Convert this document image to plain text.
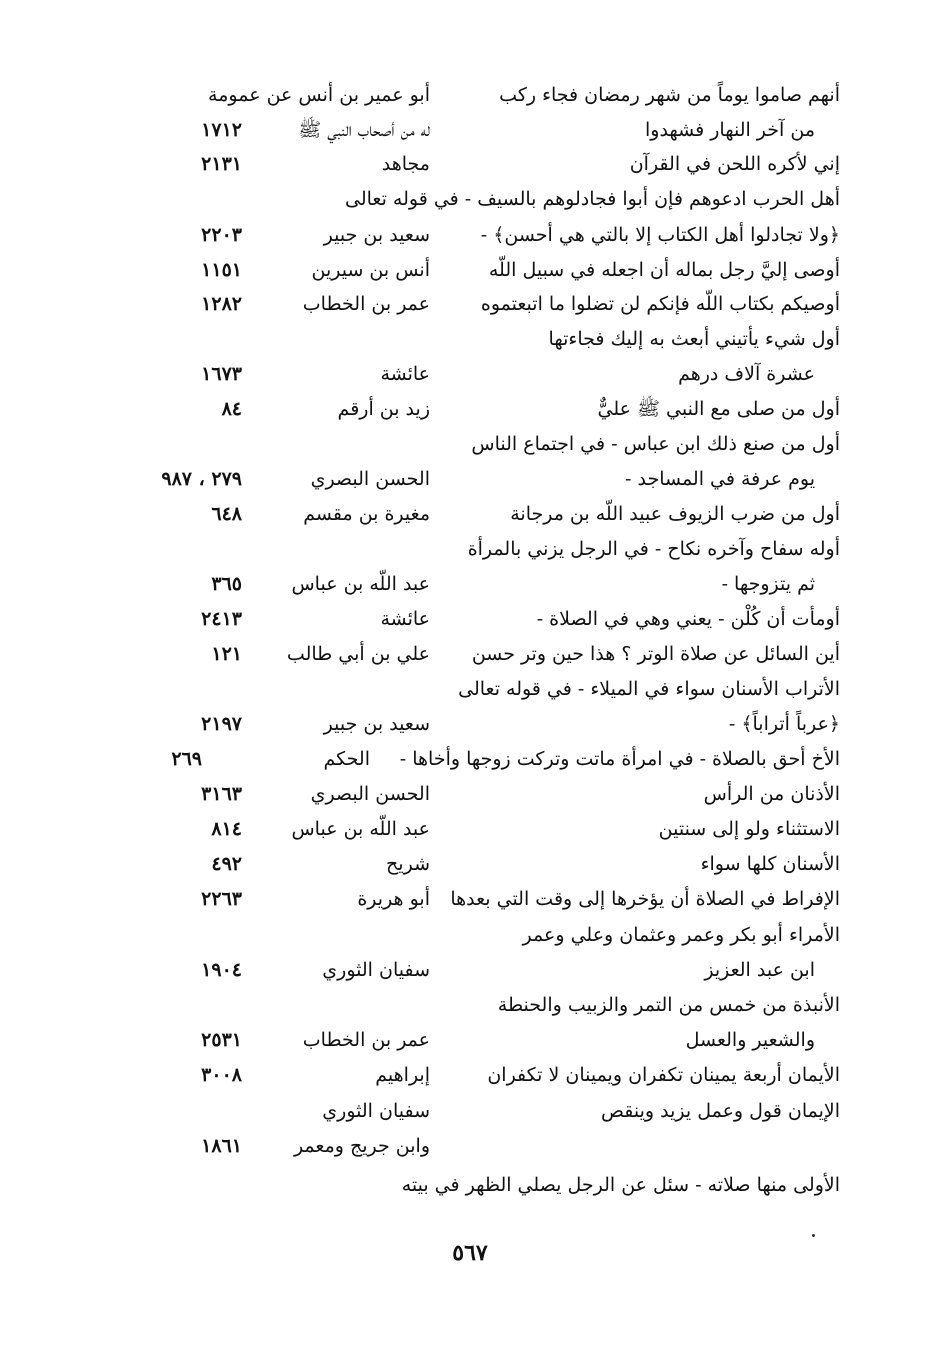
أنهم صاموا يوماً من شهر رمضان فجاء ركب
أبو عمير بن أنس عن عمومة
من آخر النهار فشهدوا
له من أصحاب النبي ﷺ
١٧١٢
إني لأكره اللحن في القرآن
مجاهد
٢١٣١
أهل الحرب ادعوهم فإن أبوا فجادلوهم بالسيف - في قوله تعالى
﴿ولا تجادلوا أهل الكتاب إلا بالتي هي أحسن﴾ -
سعيد بن جبير
٢٢٠٣
أوصى إليَّ رجل بماله أن اجعله في سبيل اللّه
أنس بن سيرين
١١٥١
أوصيكم بكتاب اللّه فإنكم لن تضلوا ما اتبعتموه
عمر بن الخطاب
١٢٨٢
أول شيء يأتيني أبعث به إليك فجاءتها
عشرة آلاف درهم
عائشة
١٦٧٣
أول من صلى مع النبي ﷺ عليٌّ
زيد بن أرقم
٨٤
أول من صنع ذلك ابن عباس - في اجتماع الناس
يوم عرفة في المساجد -
الحسن البصري
٢٧٩ ، ٩٨٧
أول من ضرب الزيوف عبيد اللّه بن مرجانة
مغيرة بن مقسم
٦٤٨
أوله سفاح وآخره نكاح - في الرجل يزني بالمرأة
ثم يتزوجها -
عبد اللّه بن عباس
٣٦٥
أومأت أن كُلْن - يعني وهي في الصلاة -
عائشة
٢٤١٣
أين السائل عن صلاة الوتر ؟ هذا حين وتر حسن
علي بن أبي طالب
١٢١
الأتراب الأسنان سواء في الميلاء - في قوله تعالى
﴿عرباً أتراباً﴾ -
سعيد بن جبير
٢١٩٧
الأخ أحق بالصلاة - في امرأة ماتت وتركت زوجها وأخاها -
الحكم
٢٦٩
الأذنان من الرأس
الحسن البصري
٣١٦٣
الاستثناء ولو إلى سنتين
عبد اللّه بن عباس
٨١٤
الأسنان كلها سواء
شريح
٤٩٢
الإفراط في الصلاة أن يؤخرها إلى وقت التي بعدها
أبو هريرة
٢٢٦٣
الأمراء أبو بكر وعمر وعثمان وعلي وعمر
ابن عبد العزيز
سفيان الثوري
١٩٠٤
الأنبذة من خمس من التمر والزبيب والحنطة
والشعير والعسل
عمر بن الخطاب
٢٥٣١
الأيمان أربعة يمينان تكفران ويمينان لا تكفران
إبراهيم
٣٠٠٨
الإيمان قول وعمل يزيد وينقص
سفيان الثوري
وابن جريج ومعمر
١٨٦١
الأولى منها صلاته - سئل عن الرجل يصلي الظهر في بيته
٥٦٧
